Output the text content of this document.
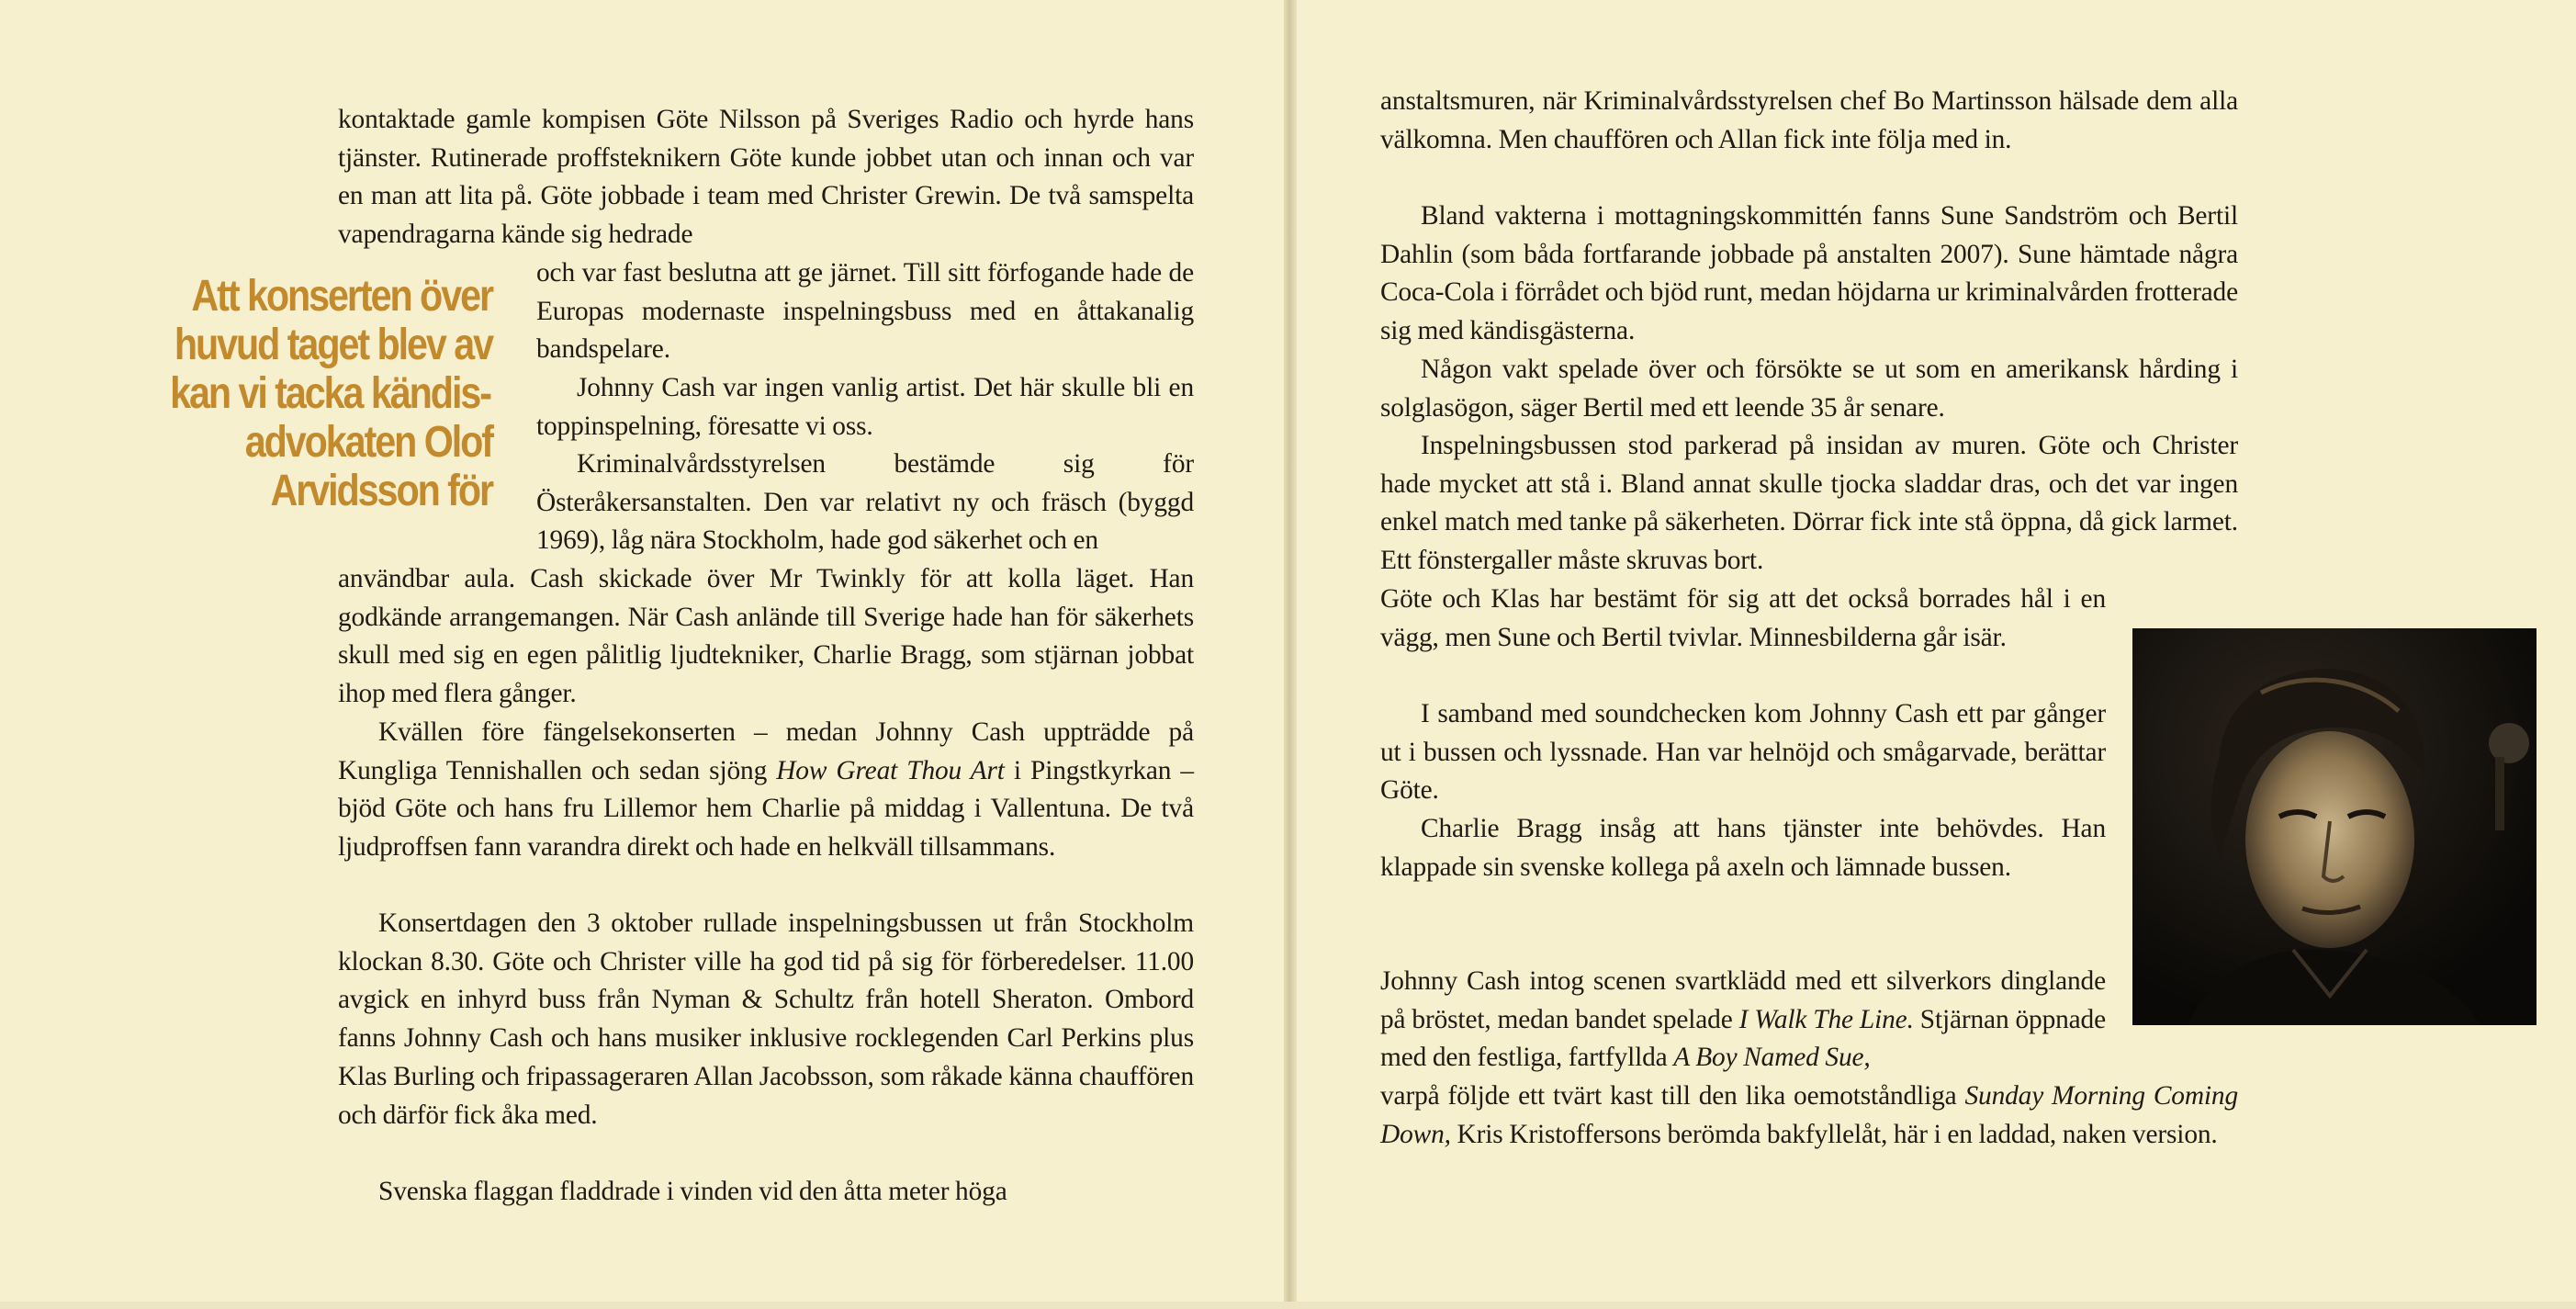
Att konserten över huvud taget blev av kan vi tacka kändisadvokaten Olof Arvidsson för

kontaktade gamle kompisen Göte Nilsson på Sveriges Radio och hyrde hans tjänster. Rutinerade proffsteknikern Göte kunde jobbet utan och innan och var en man att lita på. Göte jobbade i team med Christer Grewin. De två samspelta vapendragarna kände sig hedrade

och var fast beslutna att ge järnet. Till sitt förfogande hade de Europas modernaste inspelningsbuss med en åttakanalig bandspelare.

Johnny Cash var ingen vanlig artist. Det här skulle bli en toppinspelning, föresatte vi oss.

Kriminalvårdsstyrelsen bestämde sig för Österåkersanstalten. Den var relativt ny och fräsch (byggd 1969), låg nära Stockholm, hade god säkerhet och en

användbar aula. Cash skickade över Mr Twinkly för att kolla läget. Han godkände arrangemangen. När Cash anlände till Sverige hade han för säkerhets skull med sig en egen pålitlig ljudtekniker, Charlie Bragg, som stjärnan jobbat ihop med flera gånger.

Kvällen före fängelsekonserten – medan Johnny Cash uppträdde på Kungliga Tennishallen och sedan sjöng How Great Thou Art i Pingstkyrkan – bjöd Göte och hans fru Lillemor hem Charlie på middag i Vallentuna. De två ljudproffsen fann varandra direkt och hade en helkväll tillsammans.

Konsertdagen den 3 oktober rullade inspelningsbussen ut från Stockholm klockan 8.30. Göte och Christer ville ha god tid på sig för förberedelser. 11.00 avgick en inhyrd buss från Nyman & Schultz från hotell Sheraton. Ombord fanns Johnny Cash och hans musiker inklusive rocklegenden Carl Perkins plus Klas Burling och fripassageraren Allan Jacobsson, som råkade känna chauffören och därför fick åka med.

Svenska flaggan fladdrade i vinden vid den åtta meter höga

anstaltsmuren, när Kriminalvårdsstyrelsen chef Bo Martinsson hälsade dem alla välkomna. Men chauffören och Allan fick inte följa med in.

Bland vakterna i mottagningskommittén fanns Sune Sandström och Bertil Dahlin (som båda fortfarande jobbade på anstalten 2007). Sune hämtade några Coca-Cola i förrådet och bjöd runt, medan höjdarna ur kriminalvården frotterade sig med kändisgästerna.

Någon vakt spelade över och försökte se ut som en amerikansk hårding i solglasögon, säger Bertil med ett leende 35 år senare.

Inspelningsbussen stod parkerad på insidan av muren. Göte och Christer hade mycket att stå i. Bland annat skulle tjocka sladdar dras, och det var ingen enkel match med tanke på säkerheten. Dörrar fick inte stå öppna, då gick larmet. Ett fönstergaller måste skruvas bort.

Göte och Klas har bestämt för sig att det också borrades hål i en vägg, men Sune och Bertil tvivlar. Minnesbilderna går isär.

I samband med soundchecken kom Johnny Cash ett par gånger ut i bussen och lyssnade. Han var helnöjd och smågarvade, berättar Göte.

Charlie Bragg insåg att hans tjänster inte behövdes. Han klappade sin svenske kollega på axeln och lämnade bussen.

Johnny Cash intog scenen svartklädd med ett silverkors dinglande på bröstet, medan bandet spelade I Walk The Line. Stjärnan öppnade med den festliga, fartfyllda A Boy Named Sue,
varpå följde ett tvärt kast till den lika oemotståndliga Sunday Morning Coming Down, Kris Kristoffersons berömda bakfyllelåt, här i en laddad, naken version.
